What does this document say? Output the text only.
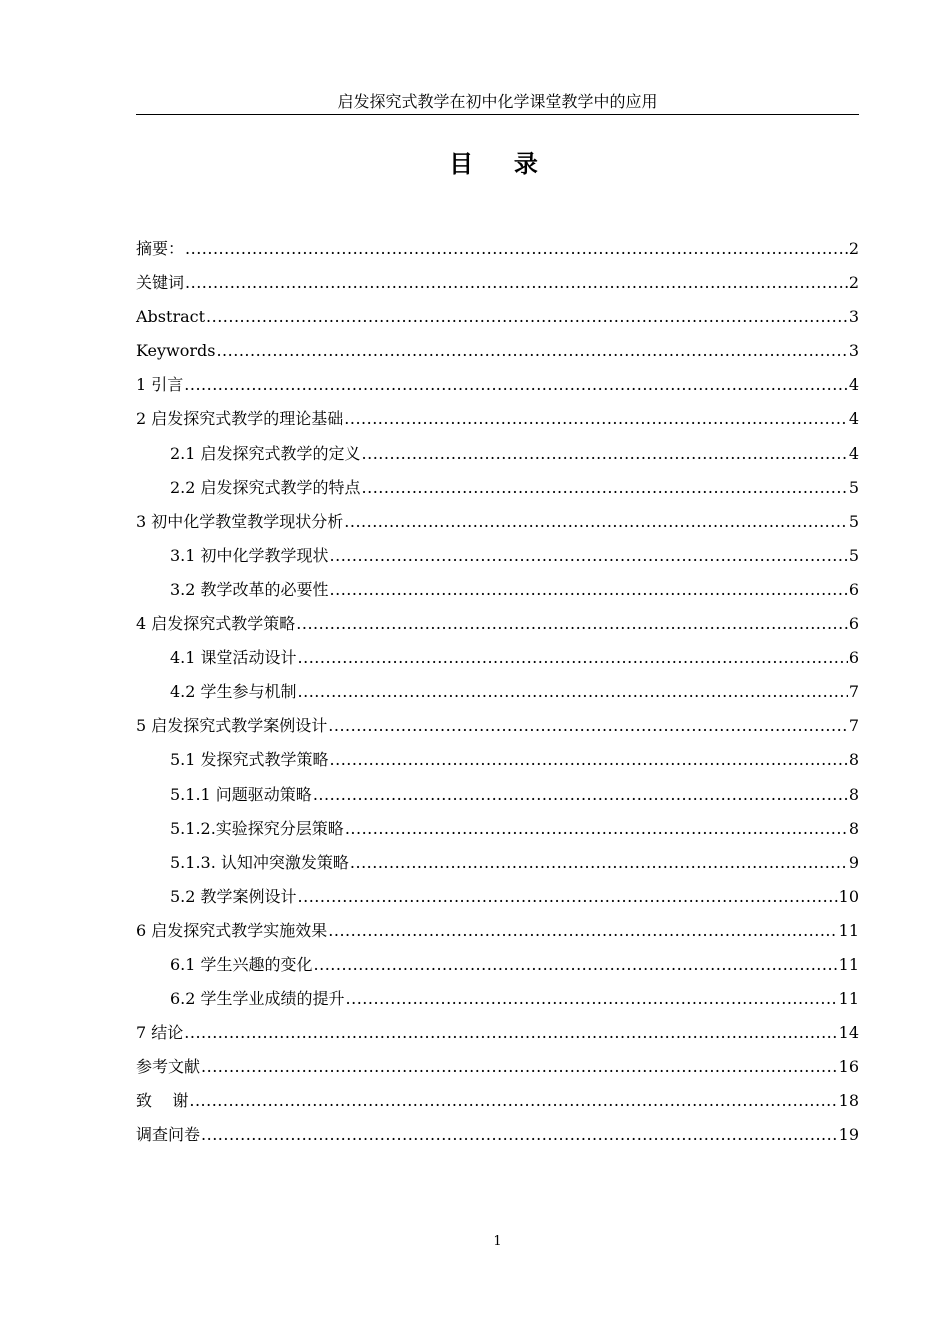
启发探究式教学在初中化学课堂教学中的应用
目  录
摘要： .....	2
关键词 .....	2
Abstract .....	3
Keywords .....	3
1 引言 .....	4
2 启发探究式教学的理论基础 .....	4
2.1 启发探究式教学的定义 .....	4
2.2 启发探究式教学的特点 .....	5
3 初中化学教堂教学现状分析 .....	5
3.1 初中化学教学现状 .....	5
3.2 教学改革的必要性 .....	6
4 启发探究式教学策略 .....	6
4.1 课堂活动设计 .....	6
4.2 学生参与机制 .....	7
5 启发探究式教学案例设计 .....	7
5.1 发探究式教学策略 .....	8
5.1.1 问题驱动策略 .....	8
5.1.2.实验探究分层策略 .....	8
5.1.3. 认知冲突激发策略 .....	9
5.2 教学案例设计 .....	10
6 启发探究式教学实施效果 .....	11
6.1 学生兴趣的变化 .....	11
6.2 学生学业成绩的提升 .....	11
7 结论 .....	14
参考文献 .....	16
致    谢 .....	18
调查问卷 .....	19
1
